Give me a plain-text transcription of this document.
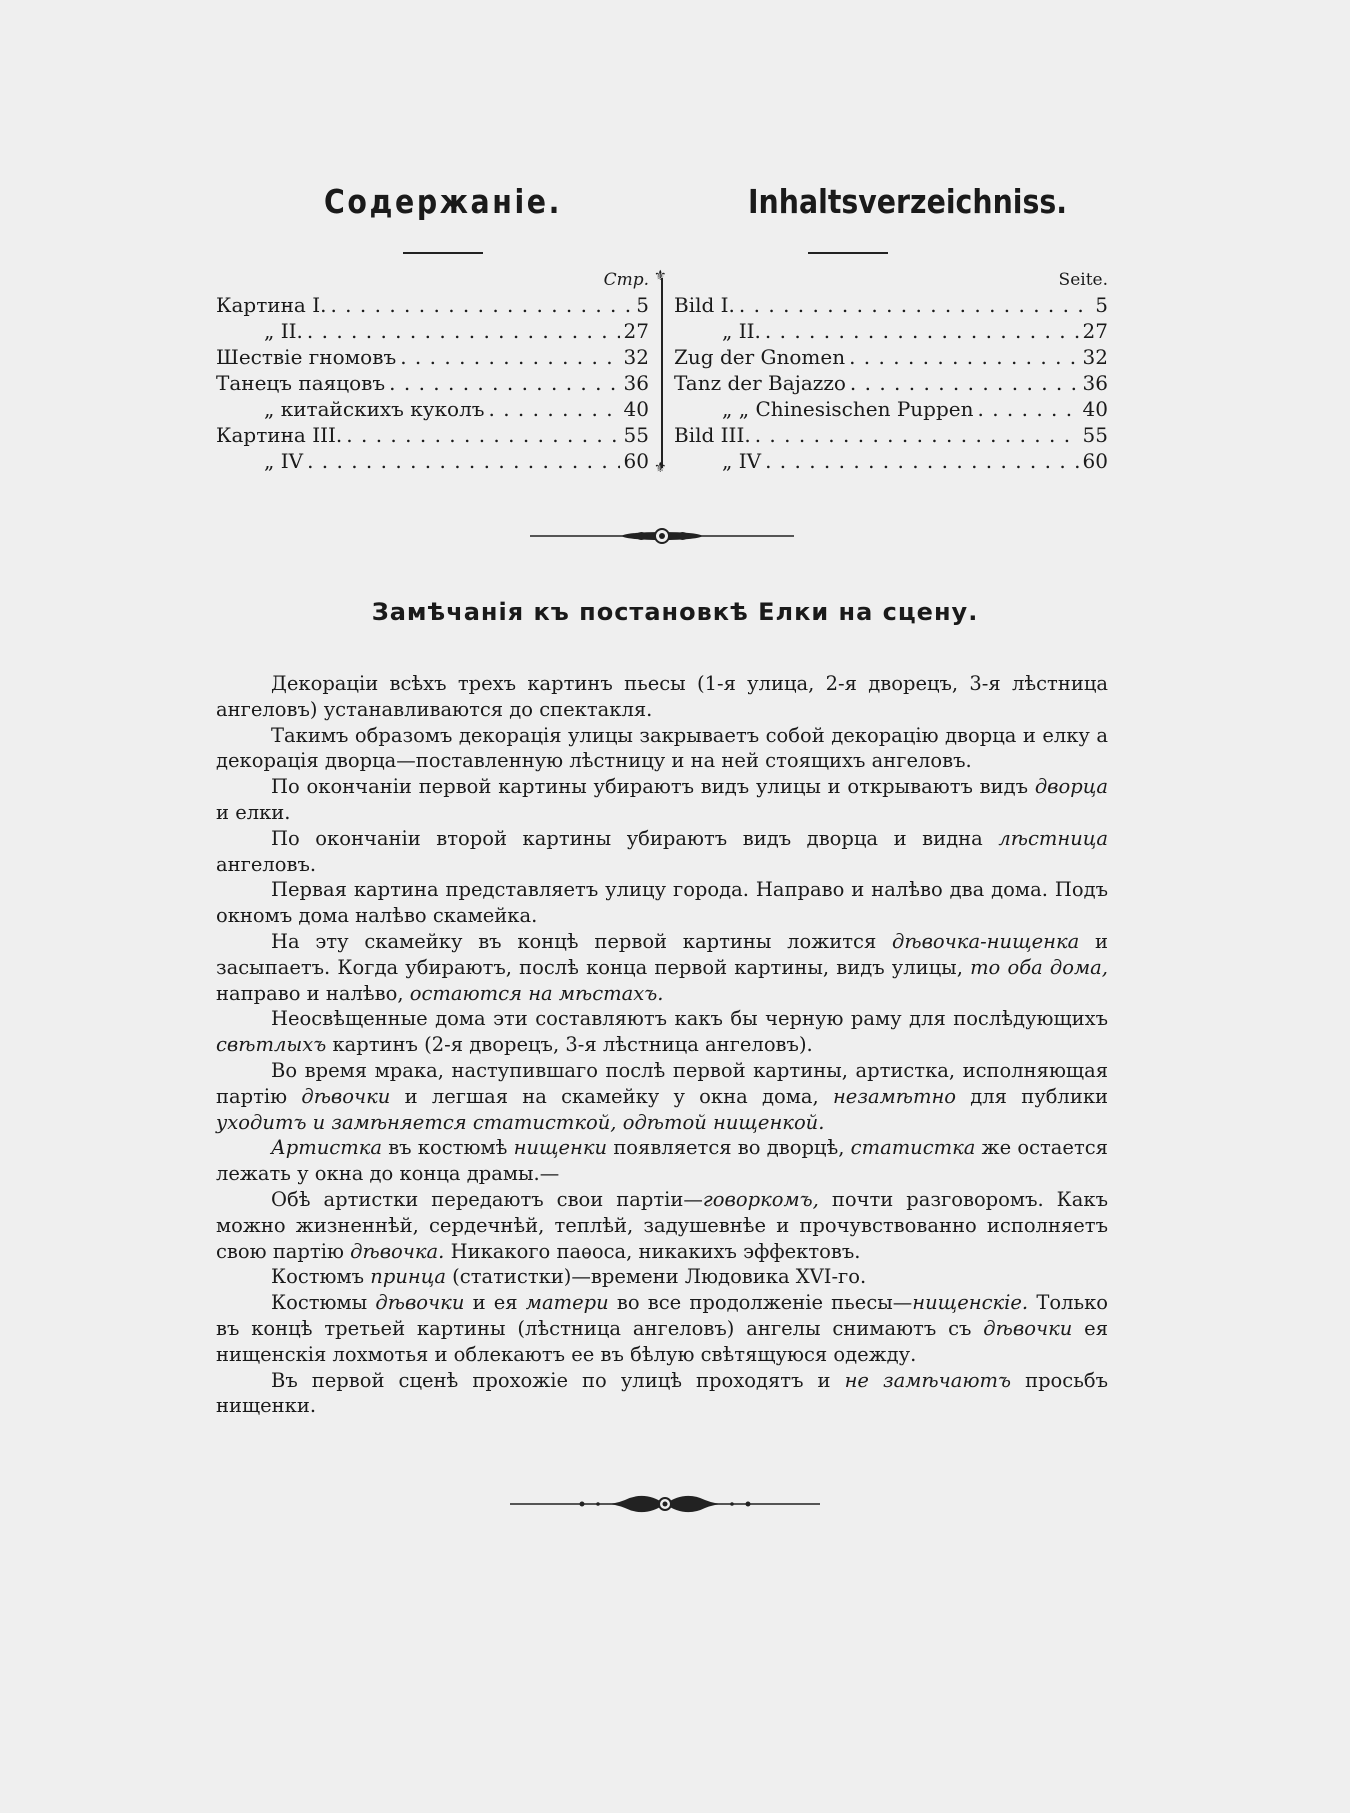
Содержаніе.	Inhaltsverzeichniss.
Стр.
Картина I. . . .	5
„ II. . . .	27
Шествіе гномовъ . . .	32
Танецъ паяцовъ . . .	36
„ китайскихъ куколъ . . .	40
Картина III. . . .	55
„ IV . . .	60
⚜
⚜
Seite.
Bild I. . . .	5
„ II. . . .	27
Zug der Gnomen . . .	32
Tanz der Bajazzo . . .	36
„ „ Chinesischen Puppen . . .	40
Bild III. . . .	55
„ IV . . .	60
Замѣчанія къ постановкѣ Елки на сцену.

Декораціи всѣхъ трехъ картинъ пьесы (1-я улица, 2-я дворецъ, 3-я лѣстница ангеловъ) устанавливаются до спектакля.

Такимъ образомъ декорація улицы закрываетъ собой декорацію дворца и елку а декорація дворца—поставленную лѣстницу и на ней стоящихъ ангеловъ.

По окончаніи первой картины убираютъ видъ улицы и открываютъ видъ дворца и елки.

По окончаніи второй картины убираютъ видъ дворца и видна лѣстница ангеловъ.

Первая картина представляетъ улицу города. Направо и налѣво два дома. Подъ окномъ дома налѣво скамейка.

На эту скамейку въ концѣ первой картины ложится дѣвочка-нищенка и засыпаетъ. Когда убираютъ, послѣ конца первой картины, видъ улицы, то оба дома, направо и налѣво, остаются на мѣстахъ.

Неосвѣщенные дома эти составляютъ какъ бы черную раму для послѣдующихъ свѣтлыхъ картинъ (2-я дворецъ, 3-я лѣстница ангеловъ).

Во время мрака, наступившаго послѣ первой картины, артистка, исполняющая партію дѣвочки и легшая на скамейку у окна дома, незамѣтно для публики уходитъ и замѣняется статисткой, одѣтой нищенкой.

Артистка въ костюмѣ нищенки появляется во дворцѣ, статистка же остается лежать у окна до конца драмы.—

Обѣ артистки передаютъ свои партіи—говоркомъ, почти разговоромъ. Какъ можно жизненнѣй, сердечнѣй, теплѣй, задушевнѣе и прочувствованно исполняетъ свою партію дѣвочка. Никакого паѳоса, никакихъ эффектовъ.

Костюмъ принца (статистки)—времени Людовика XVI-го.

Костюмы дѣвочки и ея матери во все продолженіе пьесы—нищенскіе. Только въ концѣ третьей картины (лѣстница ангеловъ) ангелы снимаютъ съ дѣвочки ея нищенскія лохмотья и облекаютъ ее въ бѣлую свѣтящуюся одежду.

Въ первой сценѣ прохожіе по улицѣ проходятъ и не замѣчаютъ просьбъ нищенки.
